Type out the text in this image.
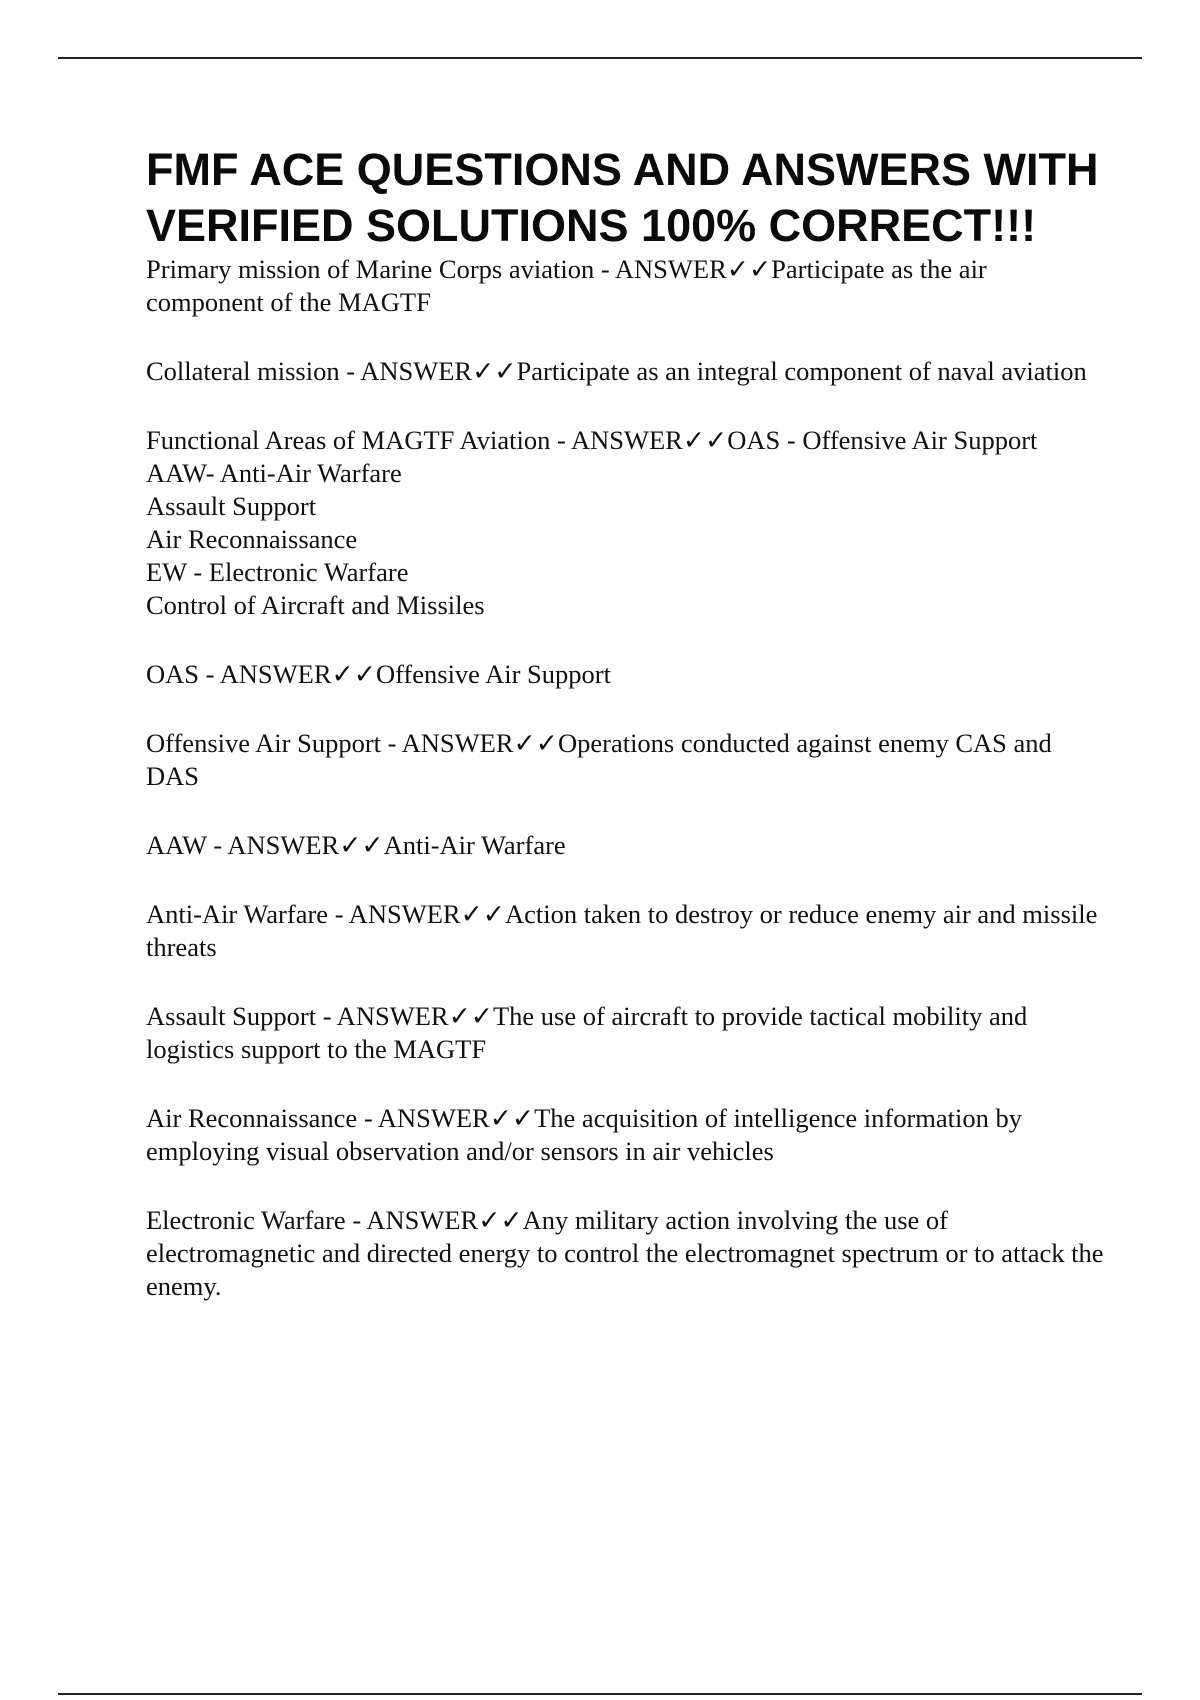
FMF ACE QUESTIONS AND ANSWERS WITH VERIFIED SOLUTIONS 100% CORRECT!!!

Primary mission of Marine Corps aviation - ANSWER✓✓Participate as the air component of the MAGTF

Collateral mission - ANSWER✓✓Participate as an integral component of naval aviation

Functional Areas of MAGTF Aviation - ANSWER✓✓OAS - Offensive Air Support
AAW- Anti-Air Warfare
Assault Support
Air Reconnaissance
EW - Electronic Warfare
Control of Aircraft and Missiles

OAS - ANSWER✓✓Offensive Air Support

Offensive Air Support - ANSWER✓✓Operations conducted against enemy CAS and DAS

AAW - ANSWER✓✓Anti-Air Warfare

Anti-Air Warfare - ANSWER✓✓Action taken to destroy or reduce enemy air and missile threats

Assault Support - ANSWER✓✓The use of aircraft to provide tactical mobility and logistics support to the MAGTF

Air Reconnaissance - ANSWER✓✓The acquisition of intelligence information by employing visual observation and/or sensors in air vehicles

Electronic Warfare - ANSWER✓✓Any military action involving the use of electromagnetic and directed energy to control the electromagnet spectrum or to attack the enemy.
